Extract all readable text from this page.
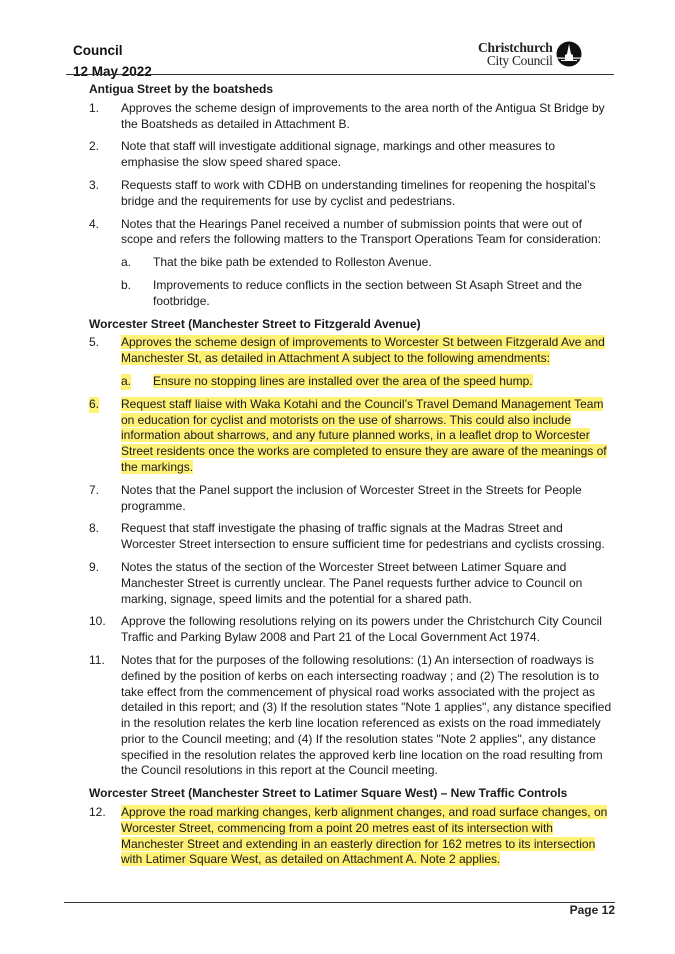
Council
12 May 2022
Christchurch
City Council
Antigua Street by the boatsheds
1. Approves the scheme design of improvements to the area north of the Antigua St Bridge by the Boatsheds as detailed in Attachment B.
2. Note that staff will investigate additional signage, markings and other measures to emphasise the slow speed shared space.
3. Requests staff to work with CDHB on understanding timelines for reopening the hospital’s bridge and the requirements for use by cyclist and pedestrians.
4. Notes that the Hearings Panel received a number of submission points that were out of scope and refers the following matters to the Transport Operations Team for consideration:
a. That the bike path be extended to Rolleston Avenue.
b. Improvements to reduce conflicts in the section between St Asaph Street and the footbridge.
Worcester Street (Manchester Street to Fitzgerald Avenue)
5. Approves the scheme design of improvements to Worcester St between Fitzgerald Ave and Manchester St, as detailed in Attachment A subject to the following amendments:
a. Ensure no stopping lines are installed over the area of the speed hump.
6. Request staff liaise with Waka Kotahi and the Council’s Travel Demand Management Team on education for cyclist and motorists on the use of sharrows. This could also include information about sharrows, and any future planned works, in a leaflet drop to Worcester Street residents once the works are completed to ensure they are aware of the meanings of the markings.
7. Notes that the Panel support the inclusion of Worcester Street in the Streets for People programme.
8. Request that staff investigate the phasing of traffic signals at the Madras Street and Worcester Street intersection to ensure sufficient time for pedestrians and cyclists crossing.
9. Notes the status of the section of the Worcester Street between Latimer Square and Manchester Street is currently unclear. The Panel requests further advice to Council on marking, signage, speed limits and the potential for a shared path.
10. Approve the following resolutions relying on its powers under the Christchurch City Council Traffic and Parking Bylaw 2008 and Part 21 of the Local Government Act 1974.
11. Notes that for the purposes of the following resolutions: (1) An intersection of roadways is defined by the position of kerbs on each intersecting roadway ; and (2) The resolution is to take effect from the commencement of physical road works associated with the project as detailed in this report; and (3) If the resolution states "Note 1 applies", any distance specified in the resolution relates the kerb line location referenced as exists on the road immediately prior to the Council meeting; and (4) If the resolution states "Note 2 applies", any distance specified in the resolution relates the approved kerb line location on the road resulting from the Council resolutions in this report at the Council meeting.
Worcester Street (Manchester Street to Latimer Square West) – New Traffic Controls
12. Approve the road marking changes, kerb alignment changes, and road surface changes, on Worcester Street, commencing from a point 20 metres east of its intersection with Manchester Street and extending in an easterly direction for 162 metres to its intersection with Latimer Square West, as detailed on Attachment A. Note 2 applies.
Page 12
